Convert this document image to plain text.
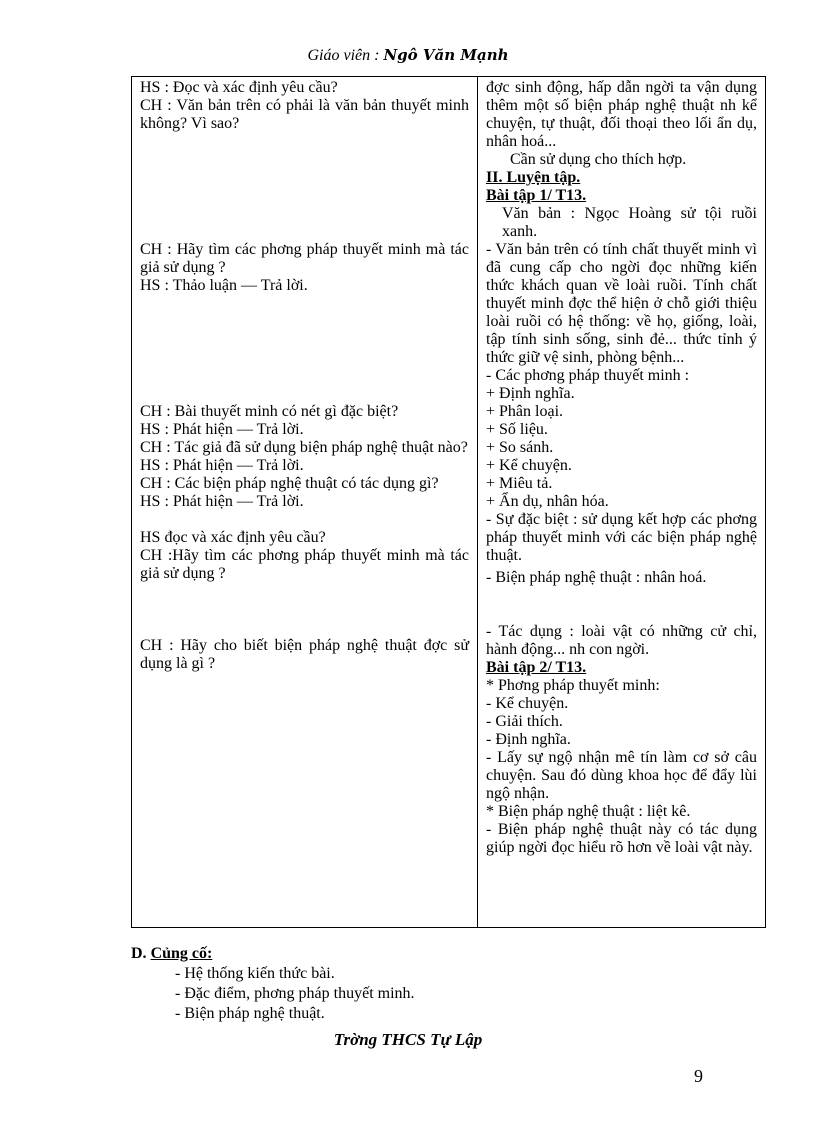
Giáo viên : Ngô Văn Mạnh
HS : Đọc và xác định yêu cầu?
CH : Văn bản trên có phải là văn bản thuyết minh không? Vì sao?
CH : Hãy tìm các phơng pháp thuyết minh mà tác giả sử dụng ?
HS : Thảo luận — Trả lời.
CH : Bài thuyết minh có nét gì đặc biệt?
HS : Phát hiện — Trả lời.
CH : Tác giả đã sử dụng biện pháp nghệ thuật nào?
HS : Phát hiện — Trả lời.
CH : Các biện pháp nghệ thuật có tác dụng gì?
HS : Phát hiện — Trả lời.
HS đọc và xác định yêu cầu?
CH :Hãy tìm các phơng pháp thuyết minh mà tác giả sử dụng ?
CH : Hãy cho biết biện pháp nghệ thuật đợc sử dụng là gì ?

đợc sinh động, hấp dẫn ngời ta vận dụng thêm một số biện pháp nghệ thuật nh kể chuyện, tự thuật, đối thoại theo lối ẩn dụ, nhân hoá...
Cần sử dụng cho thích hợp.
II. Luyện tập.
Bài tập 1/ T13.
Văn bản : Ngọc Hoàng sử tội ruồi xanh.
- Văn bản trên có tính chất thuyết minh vì đã cung cấp cho ngời đọc những kiến thức khách quan về loài ruồi. Tính chất thuyết minh đợc thể hiện ở chỗ giới thiệu loài ruồi có hệ thống: về họ, giống, loài, tập tính sinh sống, sinh đẻ... thức tỉnh ý thức giữ vệ sinh, phòng bệnh...
- Các phơng pháp thuyết minh :
+ Định nghĩa.
+ Phân loại.
+ Số liệu.
+ So sánh.
+ Kể chuyện.
+ Miêu tả.
+ Ẩn dụ, nhân hóa.
- Sự đặc biệt : sử dụng kết hợp các phơng pháp thuyết minh với các biện pháp nghệ thuật.
- Biện pháp nghệ thuật : nhân hoá.
- Tác dụng : loài vật có những cử chỉ, hành động... nh con ngời.
Bài tập 2/ T13.
* Phơng pháp thuyết minh:
- Kể chuyện.
- Giải thích.
- Định nghĩa.
- Lấy sự ngộ nhận mê tín làm cơ sở câu chuyện. Sau đó dùng khoa học để đẩy lùi ngộ nhận.
* Biện pháp nghệ thuật : liệt kê.
- Biện pháp nghệ thuật này có tác dụng giúp ngời đọc hiểu rõ hơn về loài vật này.
D. Củng cố:
- Hệ thống kiến thức bài.
- Đặc điểm, phơng pháp thuyết minh.
- Biện pháp nghệ thuật.
Trờng THCS Tự Lập
9
